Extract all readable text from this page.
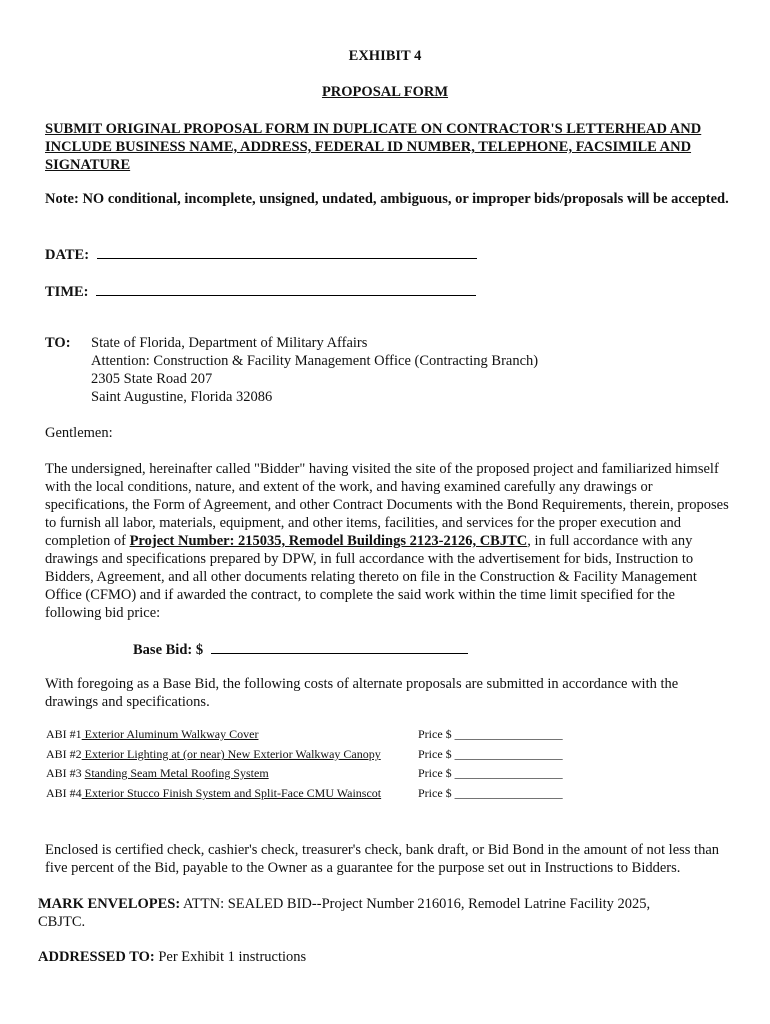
EXHIBIT 4
PROPOSAL FORM
SUBMIT ORIGINAL PROPOSAL FORM IN DUPLICATE ON CONTRACTOR'S LETTERHEAD AND INCLUDE BUSINESS NAME, ADDRESS, FEDERAL ID NUMBER, TELEPHONE, FACSIMILE AND SIGNATURE
Note: NO conditional, incomplete, unsigned, undated, ambiguous, or improper bids/proposals will be accepted.
DATE:
TIME:
TO: State of Florida, Department of Military Affairs
Attention: Construction & Facility Management Office (Contracting Branch)
2305 State Road 207
Saint Augustine, Florida 32086
Gentlemen:
The undersigned, hereinafter called "Bidder" having visited the site of the proposed project and familiarized himself with the local conditions, nature, and extent of the work, and having examined carefully any drawings or specifications, the Form of Agreement, and other Contract Documents with the Bond Requirements, therein, proposes to furnish all labor, materials, equipment, and other items, facilities, and services for the proper execution and completion of Project Number: 215035, Remodel Buildings 2123-2126, CBJTC, in full accordance with any drawings and specifications prepared by DPW, in full accordance with the advertisement for bids, Instruction to Bidders, Agreement, and all other documents relating thereto on file in the Construction & Facility Management Office (CFMO) and if awarded the contract, to complete the said work within the time limit specified for the following bid price:
Base Bid: $
With foregoing as a Base Bid, the following costs of alternate proposals are submitted in accordance with the drawings and specifications.
ABI #1 Exterior Aluminum Walkway Cover	Price $ __________________
ABI #2 Exterior Lighting at (or near) New Exterior Walkway Canopy	Price $ __________________
ABI #3 Standing Seam Metal Roofing System	Price $ __________________
ABI #4 Exterior Stucco Finish System and Split-Face CMU Wainscot	Price $ __________________
Enclosed is certified check, cashier's check, treasurer's check, bank draft, or Bid Bond in the amount of not less than five percent of the Bid, payable to the Owner as a guarantee for the purpose set out in Instructions to Bidders.
MARK ENVELOPES: ATTN: SEALED BID--Project Number 216016, Remodel Latrine Facility 2025, CBJTC.
ADDRESSED TO: Per Exhibit 1 instructions
